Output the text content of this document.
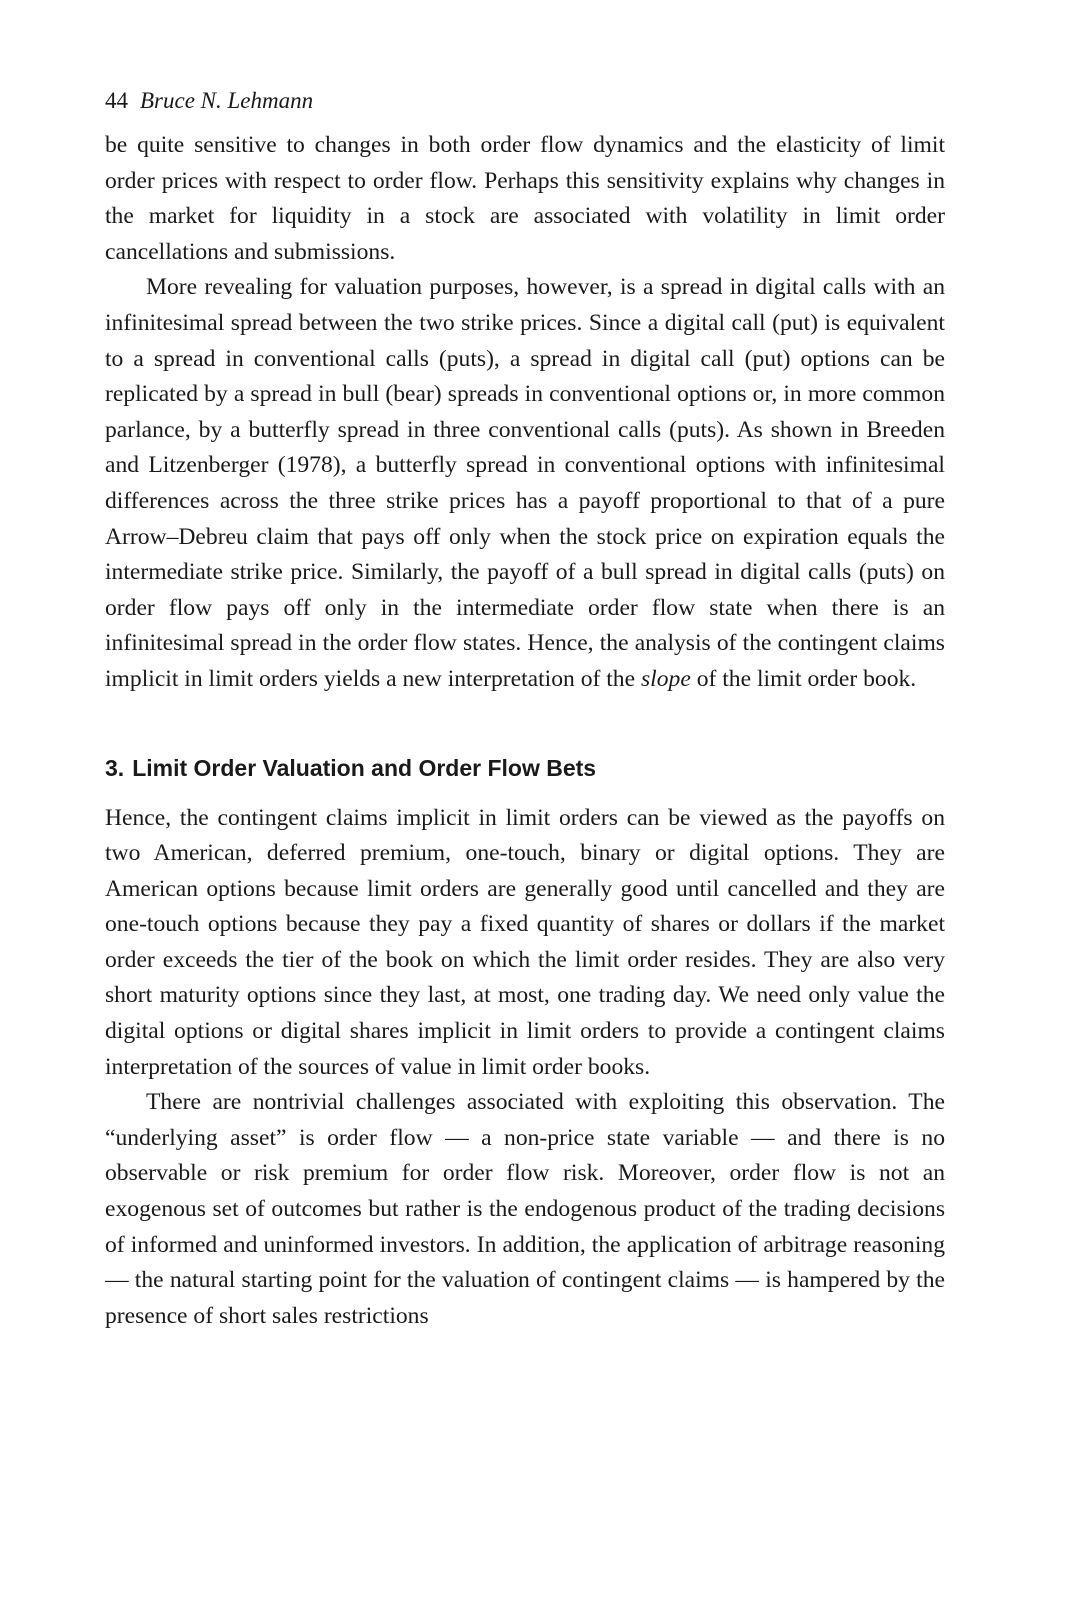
44 Bruce N. Lehmann

be quite sensitive to changes in both order flow dynamics and the elasticity of limit order prices with respect to order flow. Perhaps this sensitivity explains why changes in the market for liquidity in a stock are associated with volatility in limit order cancellations and submissions.

More revealing for valuation purposes, however, is a spread in digital calls with an infinitesimal spread between the two strike prices. Since a digital call (put) is equivalent to a spread in conventional calls (puts), a spread in digital call (put) options can be replicated by a spread in bull (bear) spreads in conventional options or, in more common parlance, by a butterfly spread in three conventional calls (puts). As shown in Breeden and Litzenberger (1978), a butterfly spread in conventional options with infinitesimal differences across the three strike prices has a payoff proportional to that of a pure Arrow–Debreu claim that pays off only when the stock price on expiration equals the intermediate strike price. Similarly, the payoff of a bull spread in digital calls (puts) on order flow pays off only in the intermediate order flow state when there is an infinitesimal spread in the order flow states. Hence, the analysis of the contingent claims implicit in limit orders yields a new interpretation of the slope of the limit order book.

3. Limit Order Valuation and Order Flow Bets

Hence, the contingent claims implicit in limit orders can be viewed as the payoffs on two American, deferred premium, one-touch, binary or digital options. They are American options because limit orders are generally good until cancelled and they are one-touch options because they pay a fixed quantity of shares or dollars if the market order exceeds the tier of the book on which the limit order resides. They are also very short maturity options since they last, at most, one trading day. We need only value the digital options or digital shares implicit in limit orders to provide a contingent claims interpretation of the sources of value in limit order books.

There are nontrivial challenges associated with exploiting this observation. The “underlying asset” is order flow — a non-price state variable — and there is no observable or risk premium for order flow risk. Moreover, order flow is not an exogenous set of outcomes but rather is the endogenous product of the trading decisions of informed and uninformed investors. In addition, the application of arbitrage reasoning — the natural starting point for the valuation of contingent claims — is hampered by the presence of short sales restrictions
